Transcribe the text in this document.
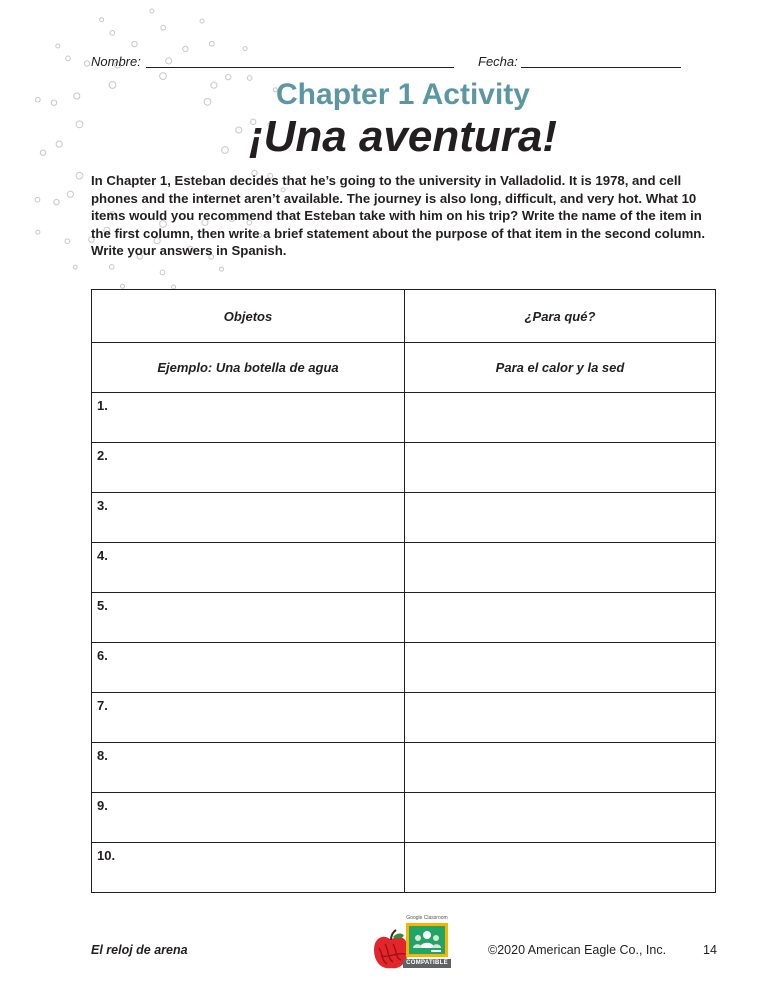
Nombre:	Fecha:
Chapter 1 Activity
¡Una aventura!

In Chapter 1, Esteban decides that he’s going to the university in Valladolid. It is 1978, and cell phones and the internet aren’t available. The journey is also long, difficult, and very hot. What 10 items would you recommend that Esteban take with him on his trip? Write the name of the item in the first column, then write a brief statement about the purpose of that item in the second column. Write your answers in Spanish.

Objetos	¿Para qué?
Ejemplo: Una botella de agua	Para el calor y la sed

1.	

2.	

3.	

4.	

5.	

6.	

7.	

8.	

9.	

10.	

El reloj de arena
Google Classroom
COMPATIBLE
©2020 American Eagle Co., Inc.	14
